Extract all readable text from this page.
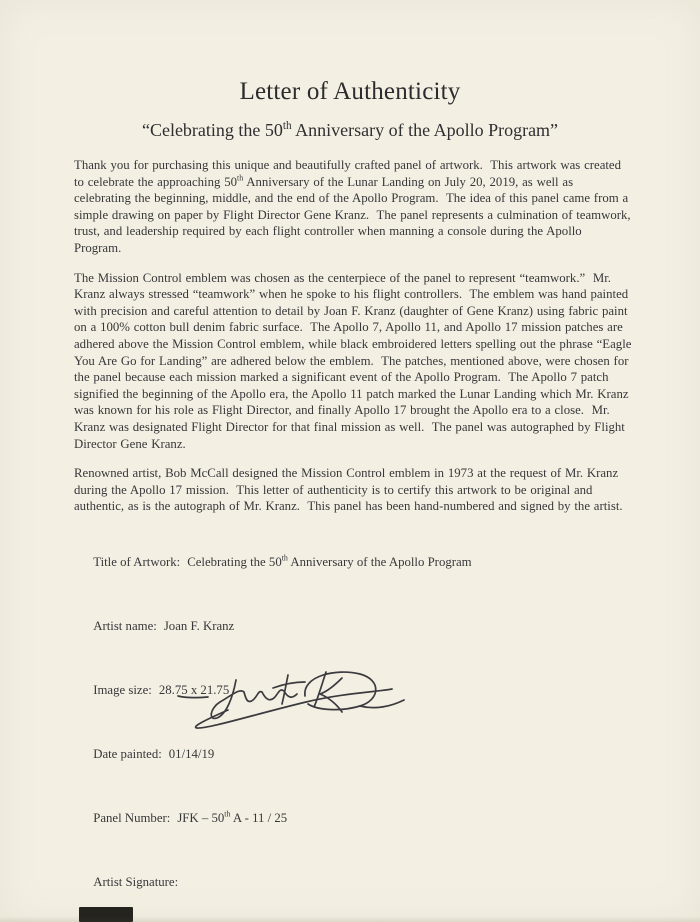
Letter of Authenticity
“Celebrating the 50th Anniversary of the Apollo Program”

Thank you for purchasing this unique and beautifully crafted panel of artwork.  This artwork was created to celebrate the approaching 50th Anniversary of the Lunar Landing on July 20, 2019, as well as celebrating the beginning, middle, and the end of the Apollo Program.  The idea of this panel came from a simple drawing on paper by Flight Director Gene Kranz.  The panel represents a culmination of teamwork, trust, and leadership required by each flight controller when manning a console during the Apollo Program.

The Mission Control emblem was chosen as the centerpiece of the panel to represent “teamwork.”  Mr. Kranz always stressed “teamwork” when he spoke to his flight controllers.  The emblem was hand painted with precision and careful attention to detail by Joan F. Kranz (daughter of Gene Kranz) using fabric paint on a 100% cotton bull denim fabric surface.  The Apollo 7, Apollo 11, and Apollo 17 mission patches are adhered above the Mission Control emblem, while black embroidered letters spelling out the phrase “Eagle You Are Go for Landing” are adhered below the emblem.  The patches, mentioned above, were chosen for the panel because each mission marked a significant event of the Apollo Program.  The Apollo 7 patch signified the beginning of the Apollo era, the Apollo 11 patch marked the Lunar Landing which Mr. Kranz was known for his role as Flight Director, and finally Apollo 17 brought the Apollo era to a close.  Mr. Kranz was designated Flight Director for that final mission as well.  The panel was autographed by Flight Director Gene Kranz.

Renowned artist, Bob McCall designed the Mission Control emblem in 1973 at the request of Mr. Kranz during the Apollo 17 mission.  This letter of authenticity is to certify this artwork to be original and authentic, as is the autograph of Mr. Kranz.  This panel has been hand-numbered and signed by the artist.

Title of Artwork: Celebrating the 50th Anniversary of the Apollo Program

Artist name: Joan F. Kranz

Image size: 28.75 x 21.75

Date painted: 01/14/19

Panel Number: JFK – 50th A - 11 / 25

Artist Signature:
